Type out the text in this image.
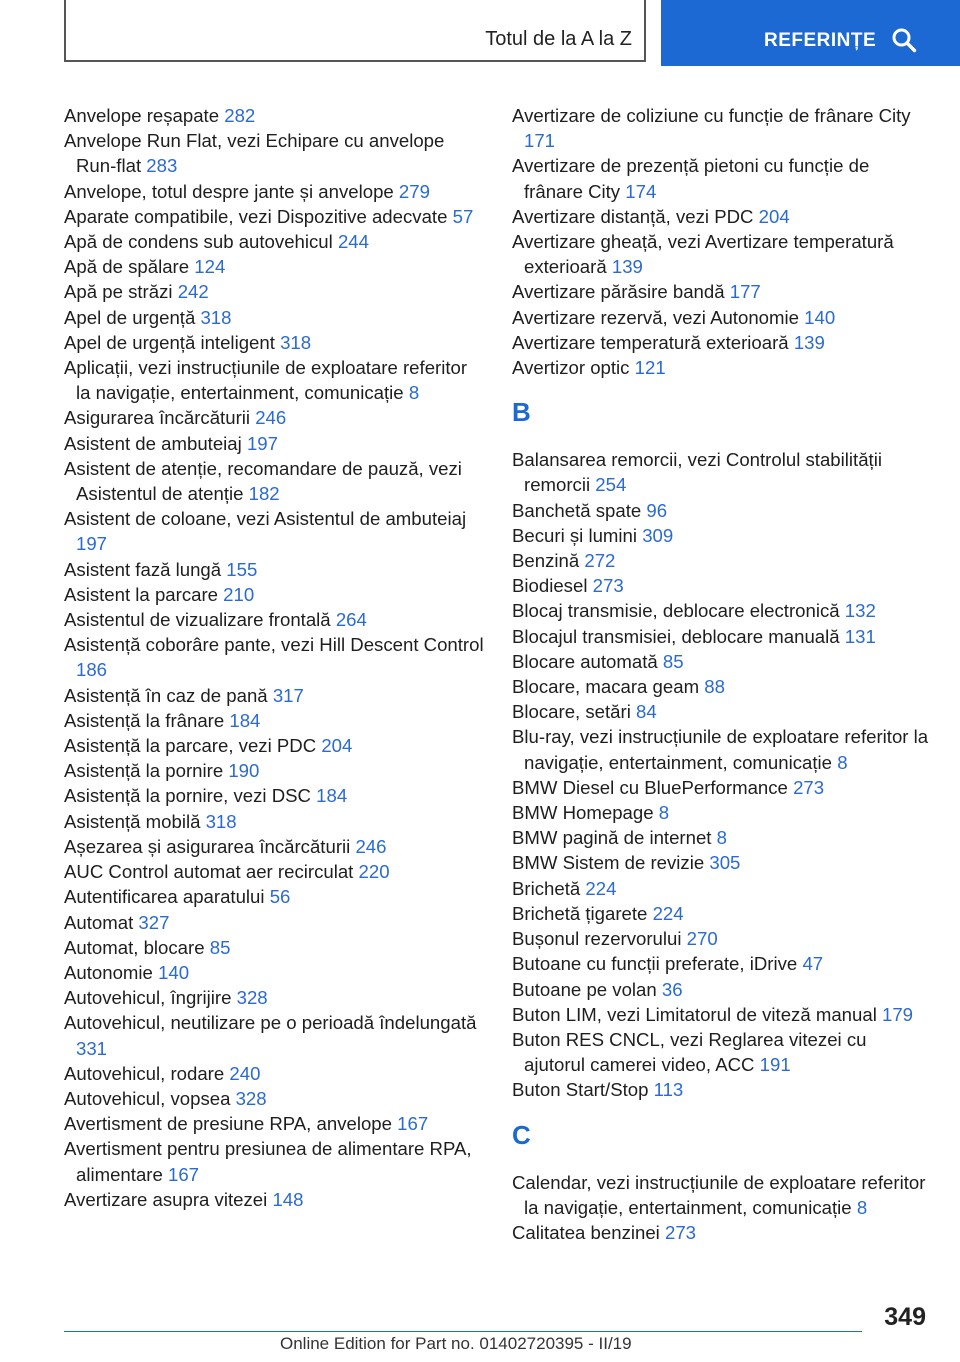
Totul de la A la Z	REFERINȚE

Anvelope reșapate 282

Anvelope Run Flat, vezi Echipare cu anvelope Run-flat 283

Anvelope, totul despre jante și anvelope 279

Aparate compatibile, vezi Dispozitive adecvate 57

Apă de condens sub autovehicul 244

Apă de spălare 124

Apă pe străzi 242

Apel de urgență 318

Apel de urgență inteligent 318

Aplicații, vezi instrucțiunile de exploatare referitor la navigație, entertainment, comunicație 8

Asigurarea încărcăturii 246

Asistent de ambuteiaj 197

Asistent de atenție, recomandare de pauză, vezi Asistentul de atenție 182

Asistent de coloane, vezi Asistentul de ambuteiaj 197

Asistent fază lungă 155

Asistent la parcare 210

Asistentul de vizualizare frontală 264

Asistență coborâre pante, vezi Hill Descent Control 186

Asistență în caz de pană 317

Asistență la frânare 184

Asistență la parcare, vezi PDC 204

Asistență la pornire 190

Asistență la pornire, vezi DSC 184

Asistență mobilă 318

Așezarea și asigurarea încărcăturii 246

AUC Control automat aer recirculat 220

Autentificarea aparatului 56

Automat 327

Automat, blocare 85

Autonomie 140

Autovehicul, îngrijire 328

Autovehicul, neutilizare pe o perioadă îndelungată 331

Autovehicul, rodare 240

Autovehicul, vopsea 328

Avertisment de presiune RPA, anvelope 167

Avertisment pentru presiunea de alimentare RPA, alimentare 167

Avertizare asupra vitezei 148

Avertizare de coliziune cu funcție de frânare City 171

Avertizare de prezență pietoni cu funcție de frânare City 174

Avertizare distanță, vezi PDC 204

Avertizare gheață, vezi Avertizare temperatură exterioară 139

Avertizare părăsire bandă 177

Avertizare rezervă, vezi Autonomie 140

Avertizare temperatură exterioară 139

Avertizor optic 121

B

Balansarea remorcii, vezi Controlul stabilității remorcii 254

Banchetă spate 96

Becuri și lumini 309

Benzină 272

Biodiesel 273

Blocaj transmisie, deblocare electronică 132

Blocajul transmisiei, deblocare manuală 131

Blocare automată 85

Blocare, macara geam 88

Blocare, setări 84

Blu-ray, vezi instrucțiunile de exploatare referitor la navigație, entertainment, comunicație 8

BMW Diesel cu BluePerformance 273

BMW Homepage 8

BMW pagină de internet 8

BMW Sistem de revizie 305

Brichetă 224

Brichetă țigarete 224

Bușonul rezervorului 270

Butoane cu funcții preferate, iDrive 47

Butoane pe volan 36

Buton LIM, vezi Limitatorul de viteză manual 179

Buton RES CNCL, vezi Reglarea vitezei cu ajutorul camerei video, ACC 191

Buton Start/Stop 113

C

Calendar, vezi instrucțiunile de exploatare referitor la navigație, entertainment, comunicație 8

Calitatea benzinei 273

349
Online Edition for Part no. 01402720395 - II/19
